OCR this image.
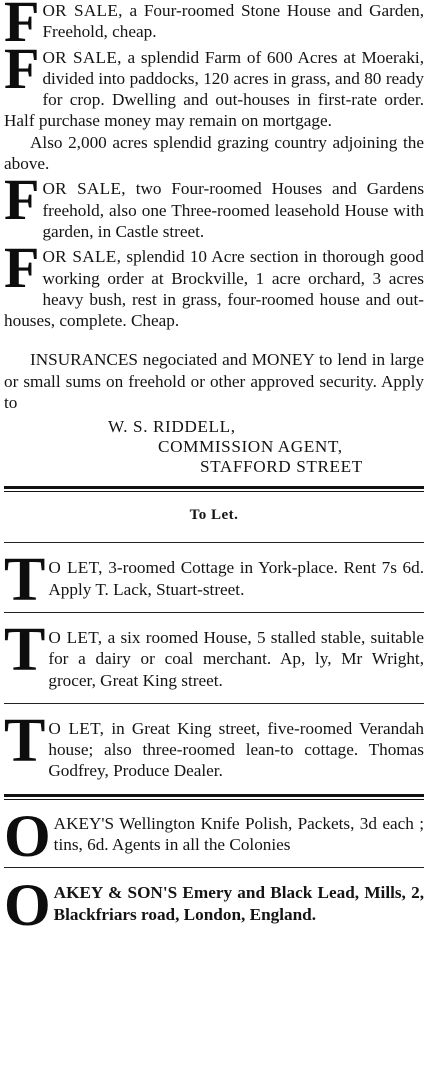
F OR SALE, a Four-roomed Stone House and Garden, Freehold, cheap.

F OR SALE, a splendid Farm of 600 Acres at Moeraki, divided into paddocks, 120 acres in grass, and 80 ready for crop. Dwelling and out-houses in first-rate order. Half purchase money may remain on mortgage.

Also 2,000 acres splendid grazing country adjoining the above.

F OR SALE, two Four-roomed Houses and Gardens freehold, also one Three-roomed leasehold House with garden, in Castle street.

F OR SALE, splendid 10 Acre section in thorough good working order at Brockville, 1 acre orchard, 3 acres heavy bush, rest in grass, four-roomed house and out-houses, complete. Cheap.

INSURANCES negociated and MONEY to lend in large or small sums on freehold or other approved security. Apply to

W. S. RIDDELL,
COMMISSION AGENT,
STAFFORD STREET
To Let.
T O LET, 3-roomed Cottage in York-place. Rent 7s 6d. Apply T. Lack, Stuart-street.

T O LET, a six roomed House, 5 stalled stable, suitable for a dairy or coal merchant. Ap, ly, Mr Wright, grocer, Great King street.

T O LET, in Great King street, five-roomed Verandah house; also three-roomed lean-to cottage. Thomas Godfrey, Produce Dealer.

O AKEY'S Wellington Knife Polish, Packets, 3d each ; tins, 6d. Agents in all the Colonies

O AKEY & SON'S Emery and Black Lead, Mills, 2, Blackfriars road, London, England.
